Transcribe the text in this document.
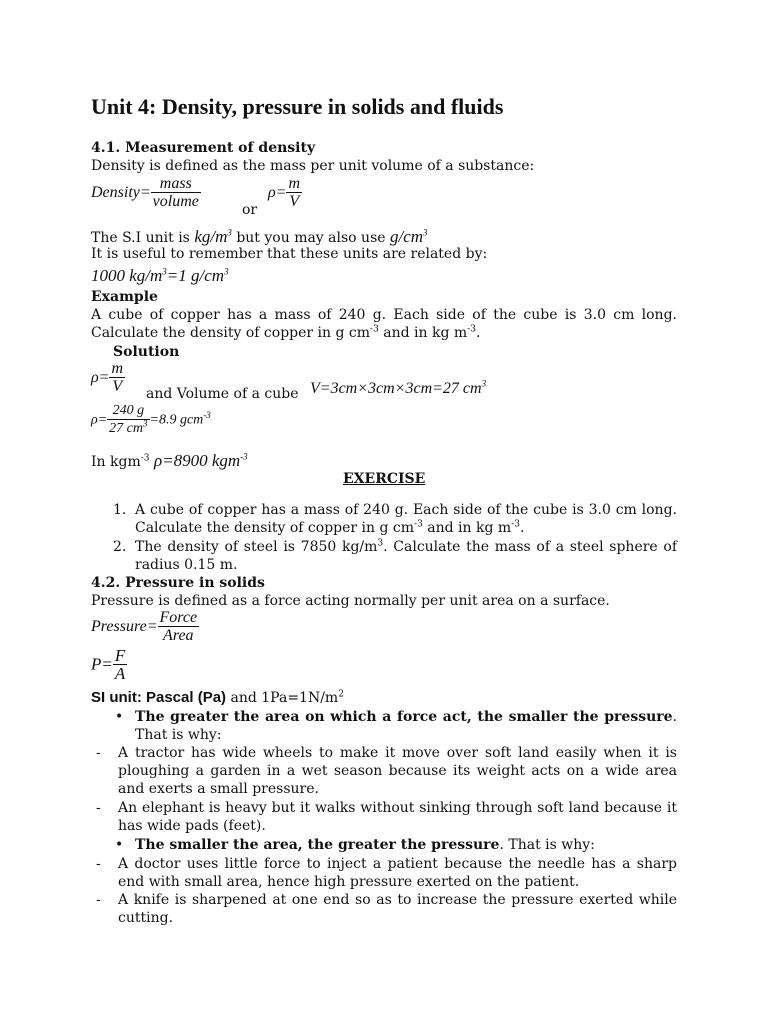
Unit 4: Density, pressure in solids and fluids
4.1. Measurement of density
Density is defined as the mass per unit volume of a substance:
Density= $\frac{\text{mass}}{\text{volume}}$	or
$\rho= \frac{m}{V}$
The S.I unit is $kg/m^3$ but you may also use $g/cm^3$
It is useful to remember that these units are related by:
1000 $kg/m^3=1$ $g/cm^3$
Example
A cube of copper has a mass of 240 g. Each side of the cube is 3.0 cm long. Calculate the density of copper in g $cm^{-3}$ and in kg $m^{-3}$.
Solution
$\rho= \frac{m}{V}$ and Volume of a cube V=3cm×3cm×3cm=27 $cm^3$
$\rho= \frac{240 g}{27 cm^3} =8.9$ gcm$^{-3}$
In kgm$^{-3}$ ρ=8900 kgm$^{-3}$
EXERCISE
1. A cube of copper has a mass of 240 g. Each side of the cube is 3.0 cm long. Calculate the density of copper in g $cm^{-3}$ and in kg $m^{-3}$.
2. The density of steel is 7850 $kg/m^3$. Calculate the mass of a steel sphere of radius 0.15 m.
4.2. Pressure in solids
Pressure is defined as a force acting normally per unit area on a surface.
Pressure= $\frac{\text{Force}}{\text{Area}}$
$P= \frac{F}{A}$
SI unit: Pascal (Pa) and $1Pa=1N/m^2$
• The greater the area on which a force act, the smaller the pressure. That is why:
- A tractor has wide wheels to make it move over soft land easily when it is ploughing a garden in a wet season because its weight acts on a wide area and exerts a small pressure.
- An elephant is heavy but it walks without sinking through soft land because it has wide pads (feet).
• The smaller the area, the greater the pressure. That is why:
- A doctor uses little force to inject a patient because the needle has a sharp end with small area, hence high pressure exerted on the patient.
- A knife is sharpened at one end so as to increase the pressure exerted while cutting.
